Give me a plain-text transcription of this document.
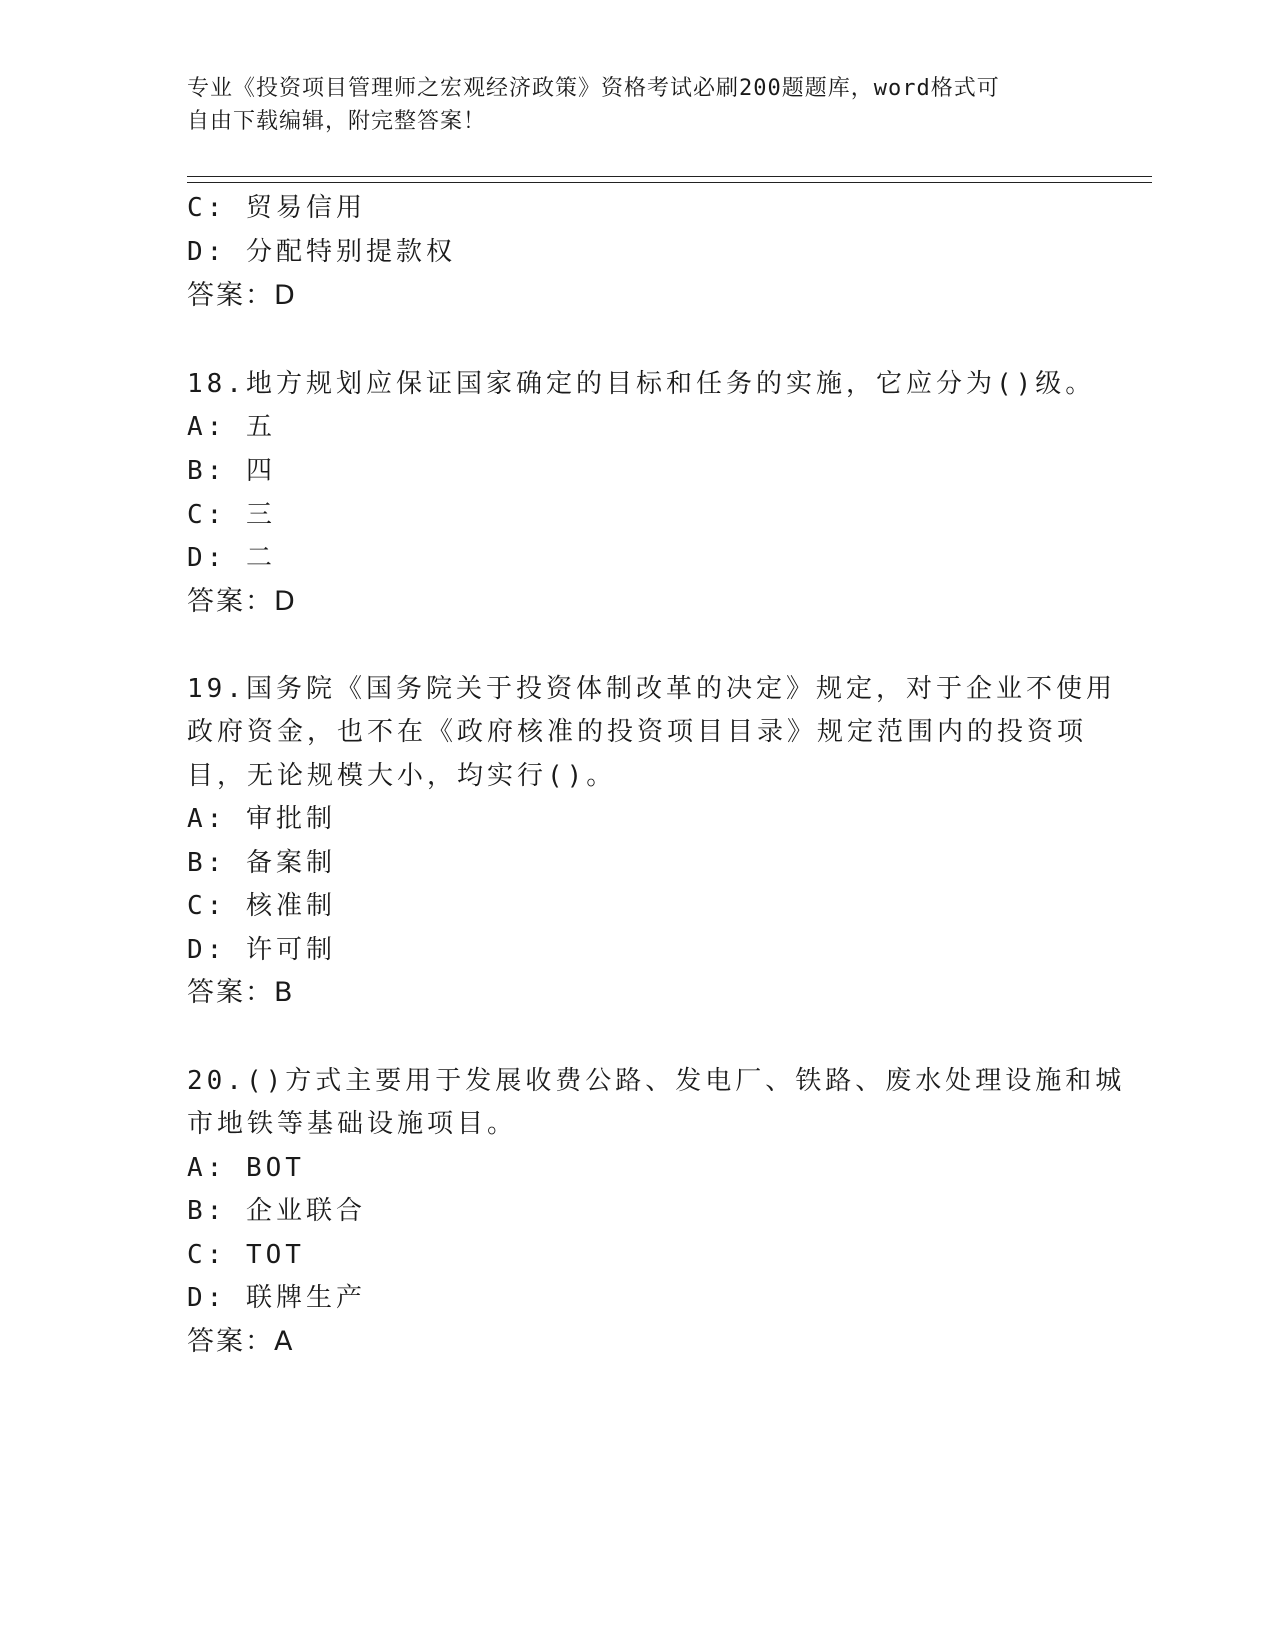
专业《投资项目管理师之宏观经济政策》资格考试必刷200题题库，word格式可
自由下载编辑，附完整答案！
C: 贸易信用
D: 分配特别提款权
答案：D
18.地方规划应保证国家确定的目标和任务的实施，它应分为()级。
A: 五
B: 四
C: 三
D: 二
答案：D
19.国务院《国务院关于投资体制改革的决定》规定，对于企业不使用
政府资金，也不在《政府核准的投资项目目录》规定范围内的投资项
目，无论规模大小，均实行()。
A: 审批制
B: 备案制
C: 核准制
D: 许可制
答案：B
20.()方式主要用于发展收费公路、发电厂、铁路、废水处理设施和城
市地铁等基础设施项目。
A: BOT
B: 企业联合
C: TOT
D: 联牌生产
答案：A
